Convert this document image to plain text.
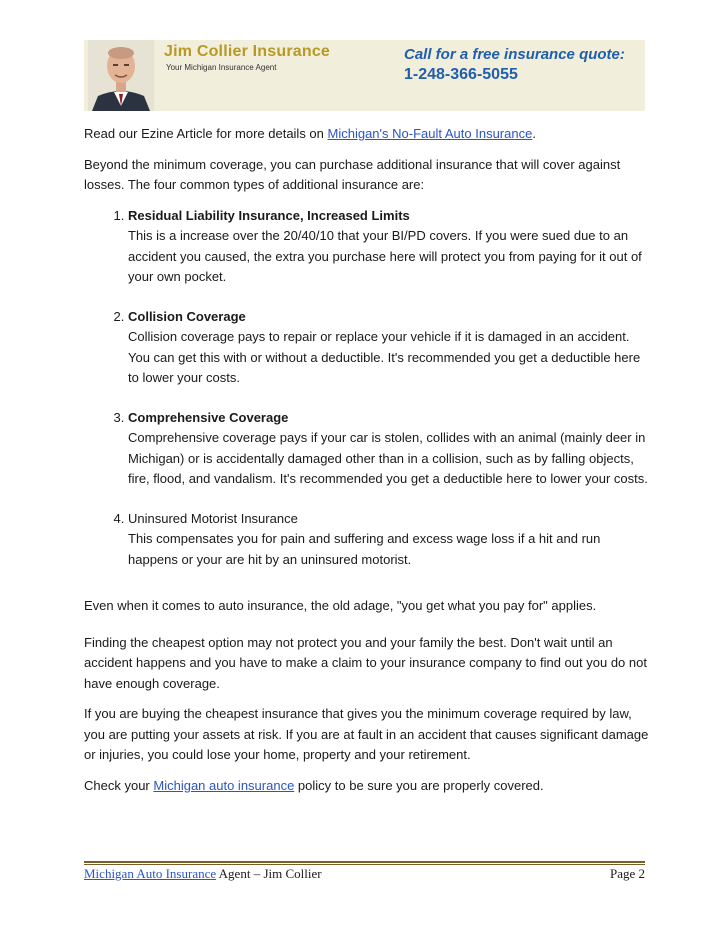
Jim Collier Insurance
Your Michigan Insurance Agent
Call for a free insurance quote:
1-248-366-5055

Read our Ezine Article for more details on Michigan's No-Fault Auto Insurance.

Beyond the minimum coverage, you can purchase additional insurance that will cover against losses. The four common types of additional insurance are:

1. Residual Liability Insurance, Increased Limits
This is a increase over the 20/40/10 that your BI/PD covers. If you were sued due to an accident you caused, the extra you purchase here will protect you from paying for it out of your own pocket.
2. Collision Coverage
Collision coverage pays to repair or replace your vehicle if it is damaged in an accident. You can get this with or without a deductible. It's recommended you get a deductible here to lower your costs.
3. Comprehensive Coverage
Comprehensive coverage pays if your car is stolen, collides with an animal (mainly deer in Michigan) or is accidentally damaged other than in a collision, such as by falling objects, fire, flood, and vandalism. It's recommended you get a deductible here to lower your costs.
4. Uninsured Motorist Insurance
This compensates you for pain and suffering and excess wage loss if a hit and run happens or your are hit by an uninsured motorist.

Even when it comes to auto insurance, the old adage, "you get what you pay for" applies.

Finding the cheapest option may not protect you and your family the best. Don't wait until an accident happens and you have to make a claim to your insurance company to find out you do not have enough coverage.

If you are buying the cheapest insurance that gives you the minimum coverage required by law, you are putting your assets at risk. If you are at fault in an accident that causes significant damage or injuries, you could lose your home, property and your retirement.

Check your Michigan auto insurance policy to be sure you are properly covered.

Michigan Auto Insurance Agent – Jim Collier	Page 2
